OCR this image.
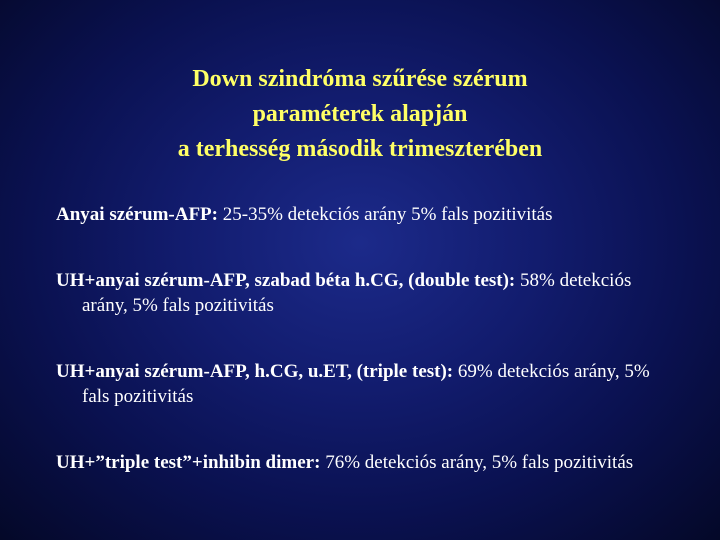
Down szindróma szűrése szérum
paraméterek alapján
a terhesség második trimeszterében

Anyai szérum-AFP: 25-35% detekciós arány 5% fals pozitivitás

UH+anyai szérum-AFP, szabad béta h.CG, (double test): 58% detekciós arány, 5% fals pozitivitás

UH+anyai szérum-AFP, h.CG, u.ET, (triple test): 69% detekciós arány, 5% fals pozitivitás

UH+”triple test”+inhibin dimer: 76% detekciós arány, 5% fals pozitivitás
